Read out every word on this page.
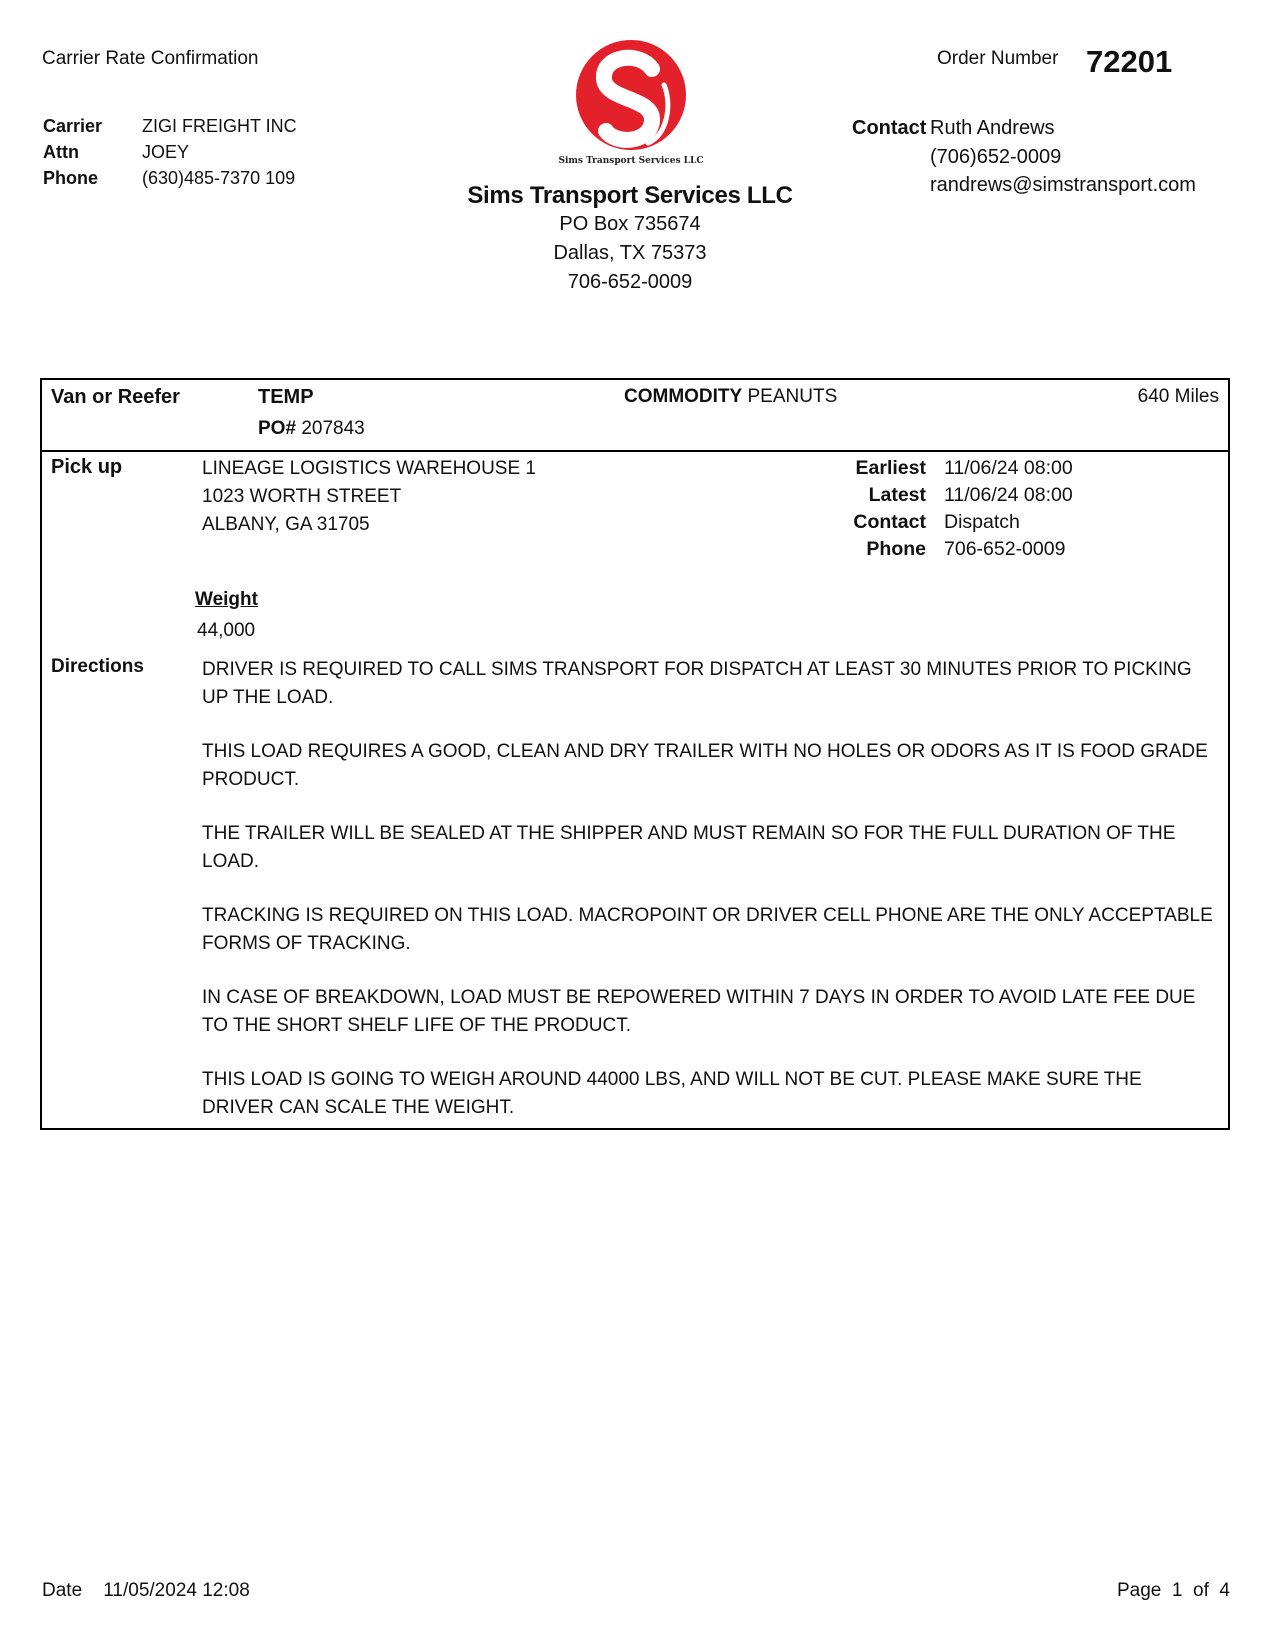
Carrier Rate Confirmation	Order Number 72201
Carrier	ZIGI FREIGHT INC
Attn	JOEY
Phone	(630)485-7370 109
Contact Ruth Andrews
(706)652-0009
randrews@simstransport.com
Sims Transport Services LLC
Sims Transport Services LLC
PO Box 735674
Dallas, TX 75373
706-652-0009
Van or Reefer	TEMP
PO# 207843
COMMODITY PEANUTS	640 Miles
Pick up	LINEAGE LOGISTICS WAREHOUSE 1
1023 WORTH STREET
ALBANY, GA 31705
Earliest 11/06/24 08:00
Latest 11/06/24 08:00
Contact Dispatch
Phone 706-652-0009
Weight
44,000
Directions	DRIVER IS REQUIRED TO CALL SIMS TRANSPORT FOR DISPATCH AT LEAST 30 MINUTES PRIOR TO PICKING UP THE LOAD.

THIS LOAD REQUIRES A GOOD, CLEAN AND DRY TRAILER WITH NO HOLES OR ODORS AS IT IS FOOD GRADE PRODUCT.

THE TRAILER WILL BE SEALED AT THE SHIPPER AND MUST REMAIN SO FOR THE FULL DURATION OF THE LOAD.

TRACKING IS REQUIRED ON THIS LOAD. MACROPOINT OR DRIVER CELL PHONE ARE THE ONLY ACCEPTABLE FORMS OF TRACKING.

IN CASE OF BREAKDOWN, LOAD MUST BE REPOWERED WITHIN 7 DAYS IN ORDER TO AVOID LATE FEE DUE TO THE SHORT SHELF LIFE OF THE PRODUCT.

THIS LOAD IS GOING TO WEIGH AROUND 44000 LBS, AND WILL NOT BE CUT. PLEASE MAKE SURE THE DRIVER CAN SCALE THE WEIGHT.

Date 11/05/2024 12:08	Page  1  of  4
